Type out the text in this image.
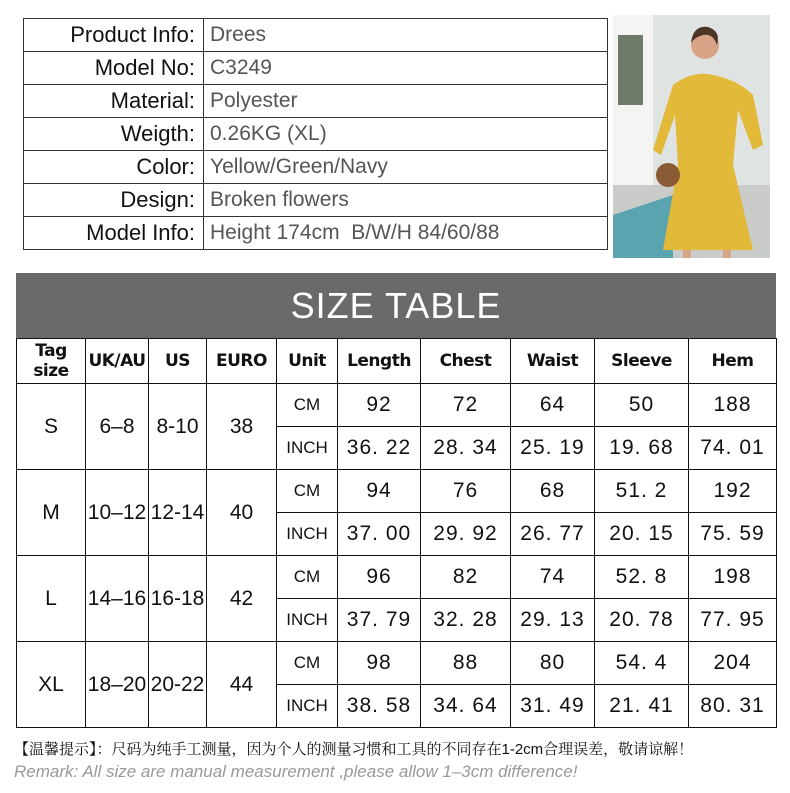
Product Info:	Drees
Model No:	C3249
Material:	Polyester
Weigth:	0.26KG (XL)
Color:	Yellow/Green/Navy
Design:	Broken flowers
Model Info:	Height 174cm  B/W/H 84/60/88
SIZE TABLE
Tag size	UK/AU	US	EURO	Unit	Length	Chest	Waist	Sleeve	Hem
S	6–8	8-10	38	CM	92	72	64	50	188
				INCH	36. 22	28. 34	25. 19	19. 68	74. 01
M	10–12	12-14	40	CM	94	76	68	51. 2	192
				INCH	37. 00	29. 92	26. 77	20. 15	75. 59
L	14–16	16-18	42	CM	96	82	74	52. 8	198
				INCH	37. 79	32. 28	29. 13	20. 78	77. 95
XL	18–20	20-22	44	CM	98	88	80	54. 4	204
				INCH	38. 58	34. 64	31. 49	21. 41	80. 31
【温馨提示】：尺码为纯手工测量，因为个人的测量习惯和工具的不同存在1-2cm合理误差，敬请谅解！
Remark: All size are manual measurement ,please allow 1–3cm difference!
